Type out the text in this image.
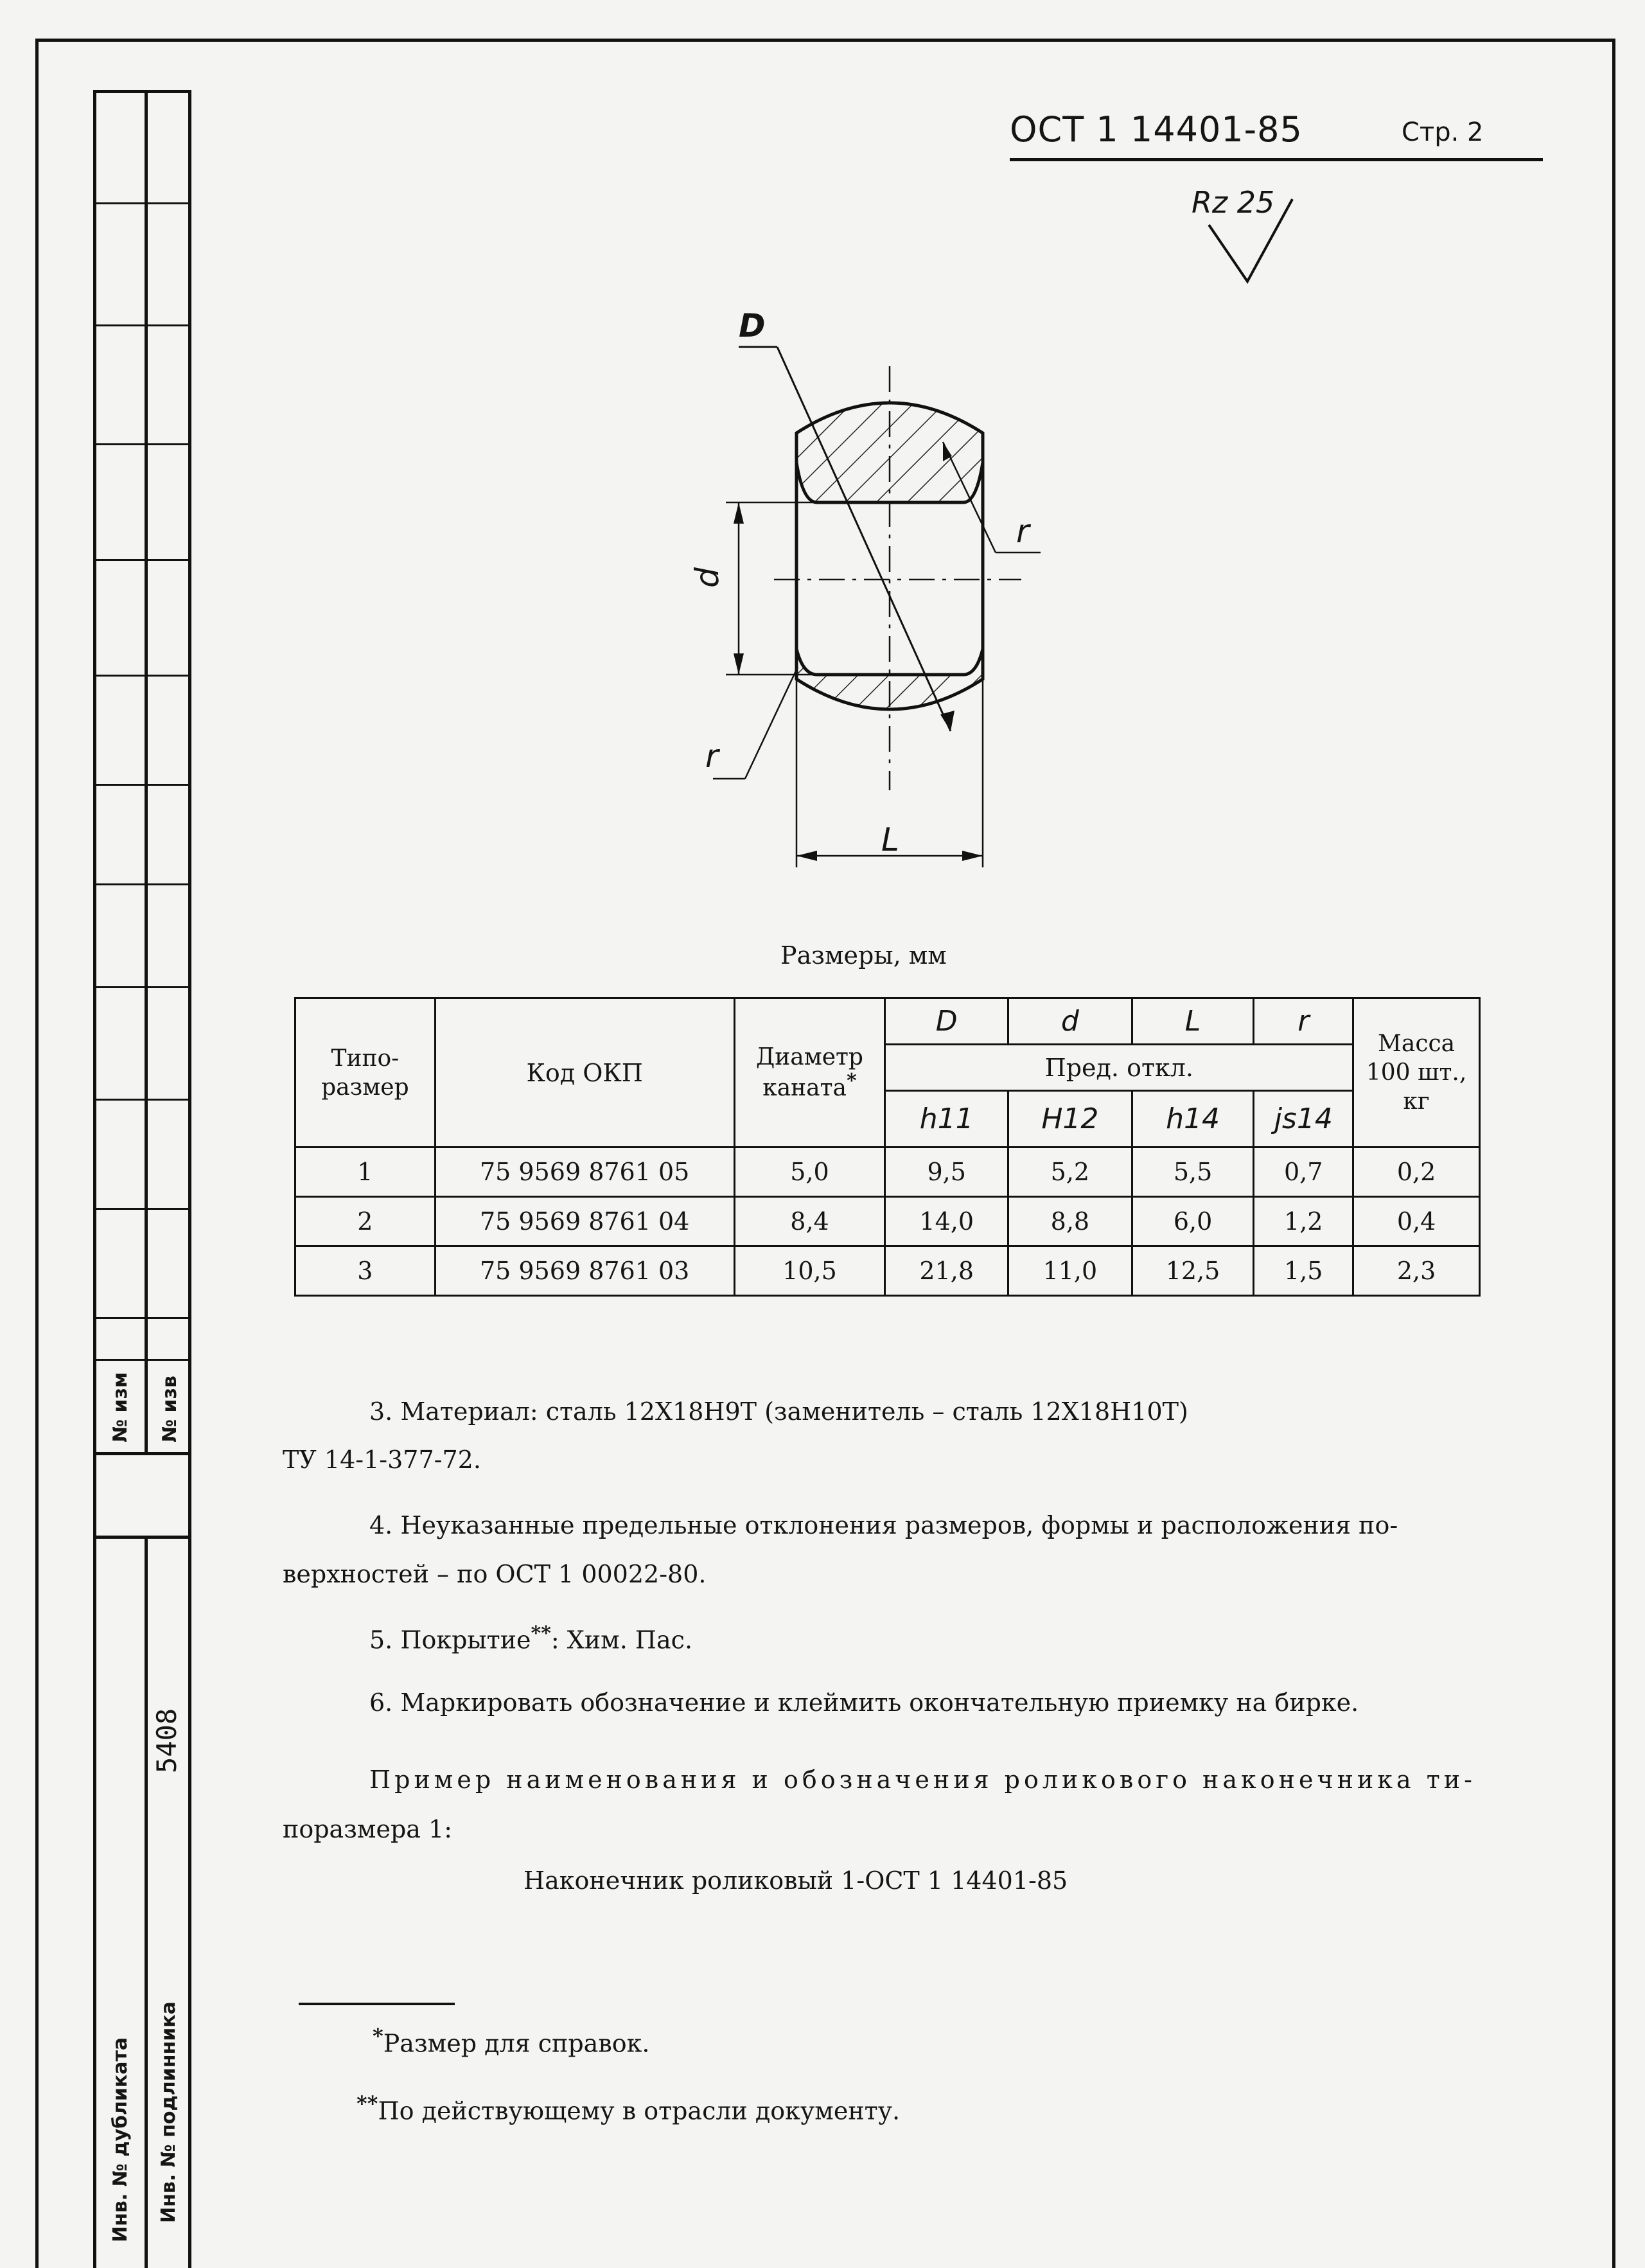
№ изм № изв
5408
Инв. № дубликата Инв. № подлинника
ОСТ 1 14401-85	Стр. 2
Rz 25
D
d
r
r
L
Размеры, мм
Типо-
размер	Код ОКП	Диаметр каната*	D	d	L	r	Масса
100 шт.,
кг
			Пред. откл.				
			h11	H12	h14	js14	
1	75 9569 8761 05	5,0	9,5	5,2	5,5	0,7	0,2
2	75 9569 8761 04	8,4	14,0	8,8	6,0	1,2	0,4
3	75 9569 8761 03	10,5	21,8	11,0	12,5	1,5	2,3
3. Материал: сталь 12Х18Н9Т (заменитель – сталь 12Х18Н10Т)
ТУ 14-1-377-72.
4. Неуказанные предельные отклонения размеров, формы и расположения по-
верхностей – по ОСТ 1 00022-80.
5. Покрытие**: Хим. Пас.
6. Маркировать обозначение и клеймить окончательную приемку на бирке.
Пример наименования и обозначения роликового наконечника ти-
поразмера 1:
Наконечник роликовый 1-ОСТ 1 14401-85
*Размер для справок.
**По действующему в отрасли документу.
